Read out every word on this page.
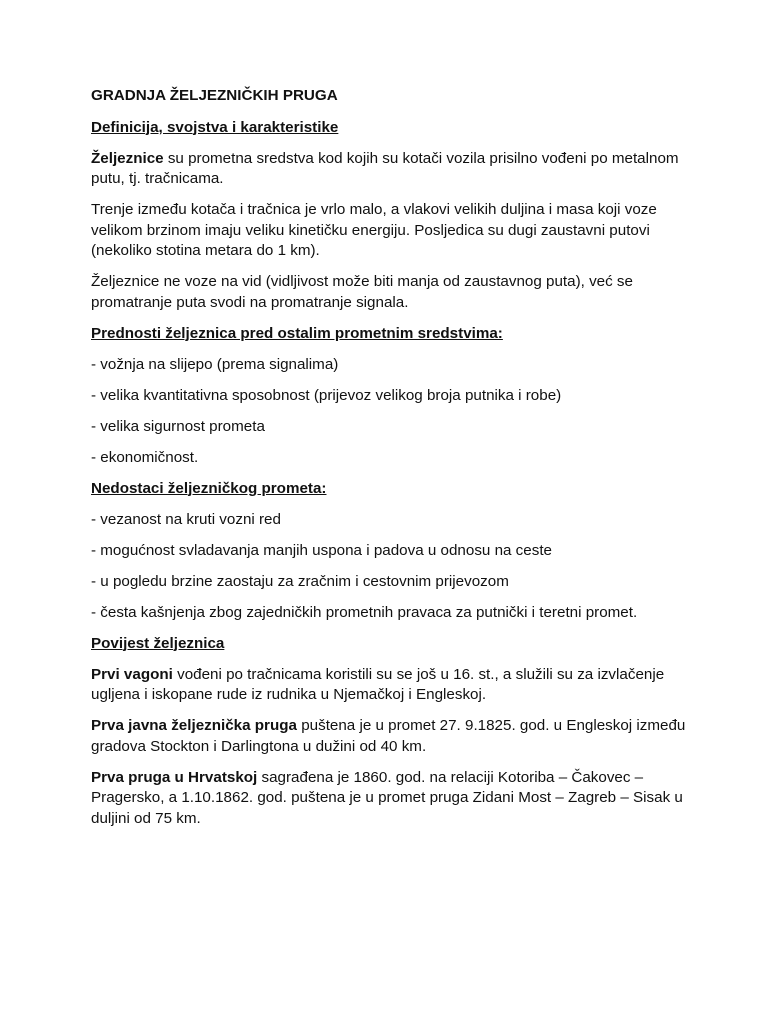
GRADNJA ŽELJEZNIČKIH PRUGA
Definicija, svojstva i karakteristike
Željeznice su prometna sredstva kod kojih su kotači vozila prisilno vođeni po metalnom putu, tj. tračnicama.
Trenje između kotača i tračnica je vrlo malo, a vlakovi velikih duljina i masa koji voze velikom brzinom imaju veliku kinetičku energiju. Posljedica su dugi zaustavni putovi (nekoliko stotina metara do 1 km).
Željeznice ne voze na vid (vidljivost može biti manja od zaustavnog puta), već se promatranje puta svodi na promatranje signala.
Prednosti željeznica pred ostalim prometnim sredstvima:
- vožnja na slijepo (prema signalima)
- velika kvantitativna sposobnost (prijevoz velikog broja putnika i robe)
- velika sigurnost prometa
- ekonomičnost.
Nedostaci željezničkog prometa:
- vezanost na kruti vozni red
- mogućnost svladavanja manjih uspona i padova u odnosu na ceste
- u pogledu brzine zaostaju za zračnim i cestovnim prijevozom
- česta kašnjenja zbog zajedničkih prometnih pravaca za putnički i teretni promet.
Povijest željeznica
Prvi vagoni vođeni po tračnicama koristili su se još u 16. st., a služili su za izvlačenje ugljena i iskopane rude iz rudnika u Njemačkoj i Engleskoj.
Prva javna željeznička pruga puštena je u promet 27. 9.1825. god. u Engleskoj između gradova Stockton i Darlingtona u dužini od 40 km.
Prva pruga u Hrvatskoj sagrađena je 1860. god. na relaciji Kotoriba – Čakovec – Pragersko, a 1.10.1862. god. puštena je u promet pruga Zidani Most – Zagreb – Sisak u duljini od 75 km.
